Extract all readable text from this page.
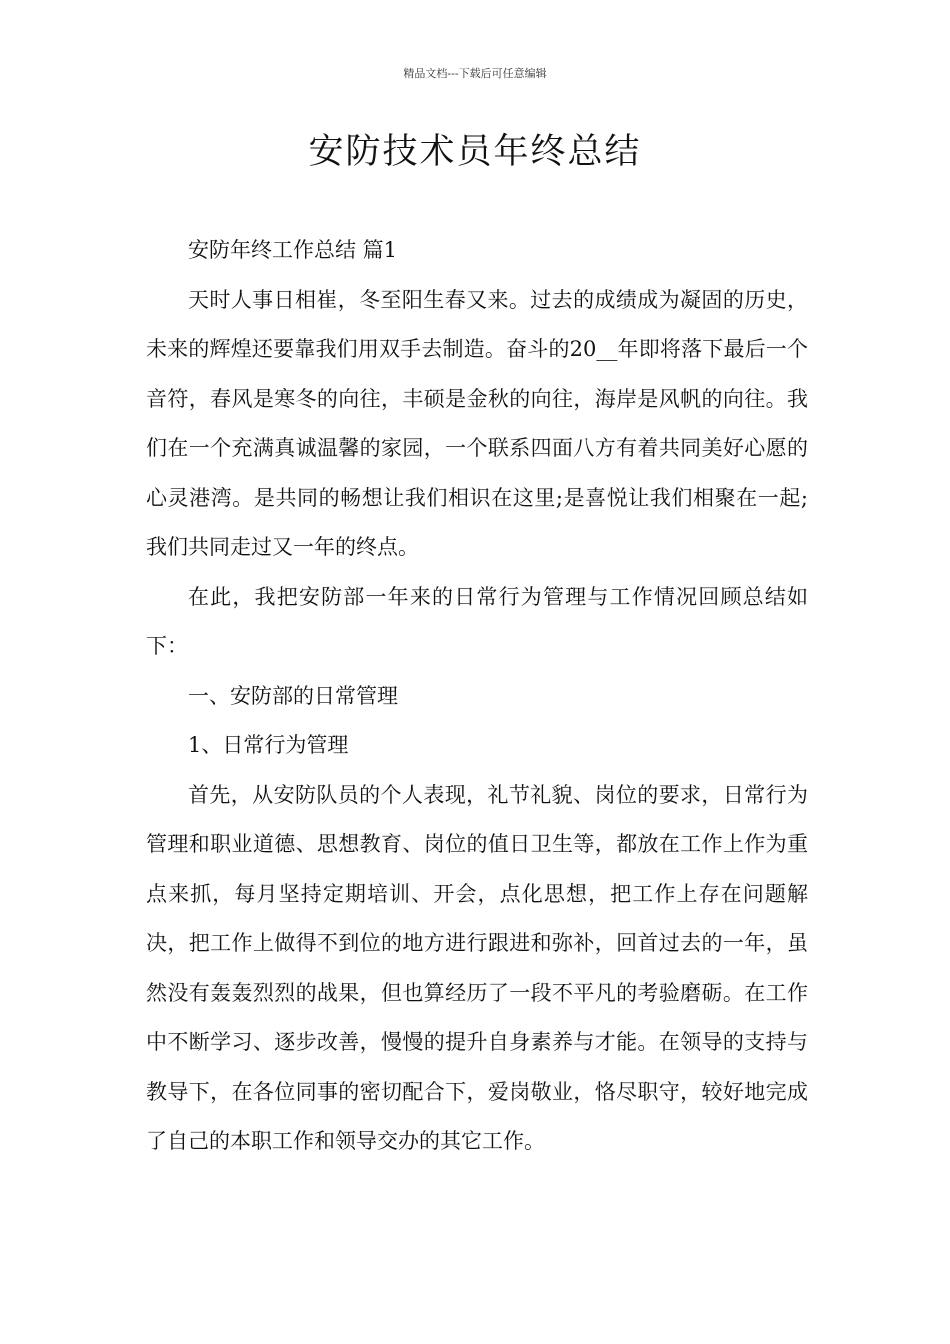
精品文档---下载后可任意编辑
安防技术员年终总结

安防年终工作总结 篇1

天时人事日相崔，冬至阳生春又来。过去的成绩成为凝固的历史，未来的辉煌还要靠我们用双手去制造。奋斗的20__年即将落下最后一个音符，春风是寒冬的向往，丰硕是金秋的向往，海岸是风帆的向往。我们在一个充满真诚温馨的家园，一个联系四面八方有着共同美好心愿的心灵港湾。是共同的畅想让我们相识在这里;是喜悦让我们相聚在一起;我们共同走过又一年的终点。

在此，我把安防部一年来的日常行为管理与工作情况回顾总结如下：

一、安防部的日常管理

1、日常行为管理

首先，从安防队员的个人表现，礼节礼貌、岗位的要求，日常行为管理和职业道德、思想教育、岗位的值日卫生等，都放在工作上作为重点来抓，每月坚持定期培训、开会，点化思想，把工作上存在问题解决，把工作上做得不到位的地方进行跟进和弥补，回首过去的一年，虽然没有轰轰烈烈的战果，但也算经历了一段不平凡的考验磨砺。在工作中不断学习、逐步改善，慢慢的提升自身素养与才能。在领导的支持与教导下，在各位同事的密切配合下，爱岗敬业，恪尽职守，较好地完成了自己的本职工作和领导交办的其它工作。
